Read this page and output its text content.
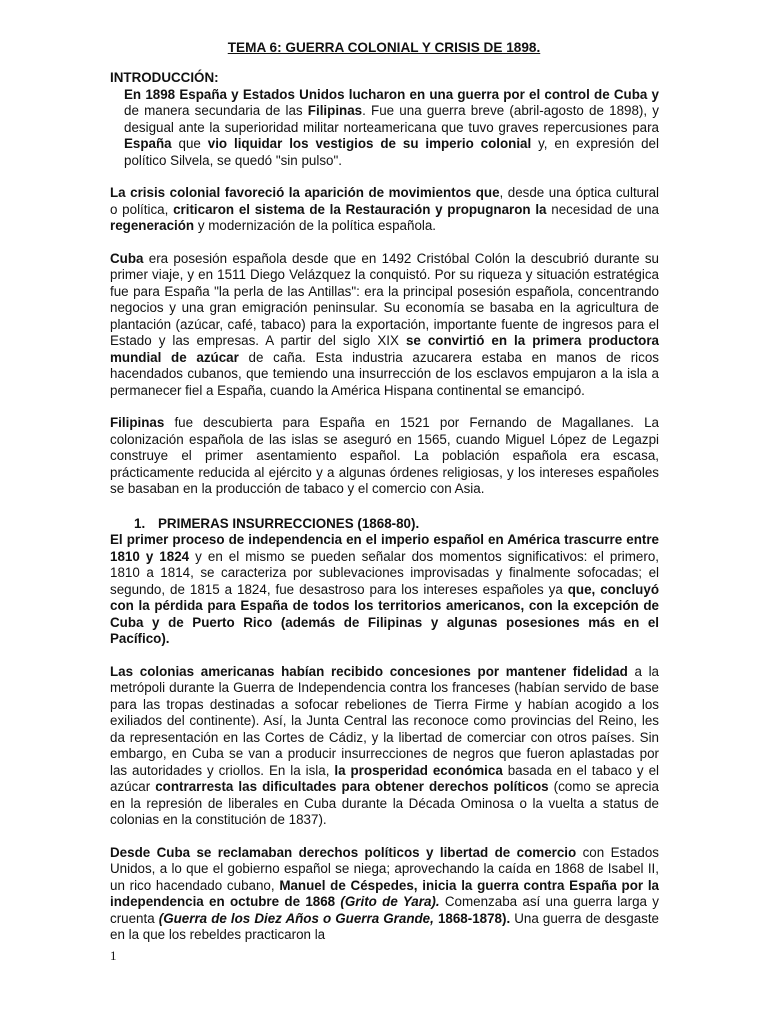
TEMA 6: GUERRA COLONIAL Y CRISIS DE 1898.

INTRODUCCIÓN:

En 1898 España y Estados Unidos lucharon en una guerra por el control de Cuba y de manera secundaria de las Filipinas. Fue una guerra breve (abril-agosto de 1898), y desigual ante la superioridad militar norteamericana que tuvo graves repercusiones para España que vio liquidar los vestigios de su imperio colonial y, en expresión del político Silvela, se quedó "sin pulso".

La crisis colonial favoreció la aparición de movimientos que, desde una óptica cultural o política, criticaron el sistema de la Restauración y propugnaron la necesidad de una regeneración y modernización de la política española.

Cuba era posesión española desde que en 1492 Cristóbal Colón la descubrió durante su primer viaje, y en 1511 Diego Velázquez la conquistó. Por su riqueza y situación estratégica fue para España "la perla de las Antillas": era la principal posesión española, concentrando negocios y una gran emigración peninsular. Su economía se basaba en la agricultura de plantación (azúcar, café, tabaco) para la exportación, importante fuente de ingresos para el Estado y las empresas. A partir del siglo XIX se convirtió en la primera productora mundial de azúcar de caña. Esta industria azucarera estaba en manos de ricos hacendados cubanos, que temiendo una insurrección de los esclavos empujaron a la isla a permanecer fiel a España, cuando la América Hispana continental se emancipó.

Filipinas fue descubierta para España en 1521 por Fernando de Magallanes. La colonización española de las islas se aseguró en 1565, cuando Miguel López de Legazpi construye el primer asentamiento español. La población española era escasa, prácticamente reducida al ejército y a algunas órdenes religiosas, y los intereses españoles se basaban en la producción de tabaco y el comercio con Asia.

1. PRIMERAS INSURRECCIONES (1868-80).

El primer proceso de independencia en el imperio español en América trascurre entre 1810 y 1824 y en el mismo se pueden señalar dos momentos significativos: el primero, 1810 a 1814, se caracteriza por sublevaciones improvisadas y finalmente sofocadas; el segundo, de 1815 a 1824, fue desastroso para los intereses españoles ya que, concluyó con la pérdida para España de todos los territorios americanos, con la excepción de Cuba y de Puerto Rico (además de Filipinas y algunas posesiones más en el Pacífico).

Las colonias americanas habían recibido concesiones por mantener fidelidad a la metrópoli durante la Guerra de Independencia contra los franceses (habían servido de base para las tropas destinadas a sofocar rebeliones de Tierra Firme y habían acogido a los exiliados del continente). Así, la Junta Central las reconoce como provincias del Reino, les da representación en las Cortes de Cádiz, y la libertad de comerciar con otros países. Sin embargo, en Cuba se van a producir insurrecciones de negros que fueron aplastadas por las autoridades y criollos. En la isla, la prosperidad económica basada en el tabaco y el azúcar contrarresta las dificultades para obtener derechos políticos (como se aprecia en la represión de liberales en Cuba durante la Década Ominosa o la vuelta a status de colonias en la constitución de 1837).

Desde Cuba se reclamaban derechos políticos y libertad de comercio con Estados Unidos, a lo que el gobierno español se niega; aprovechando la caída en 1868 de Isabel II, un rico hacendado cubano, Manuel de Céspedes, inicia la guerra contra España por la independencia en octubre de 1868 (Grito de Yara). Comenzaba así una guerra larga y cruenta (Guerra de los Diez Años o Guerra Grande, 1868-1878). Una guerra de desgaste en la que los rebeldes practicaron la

1
